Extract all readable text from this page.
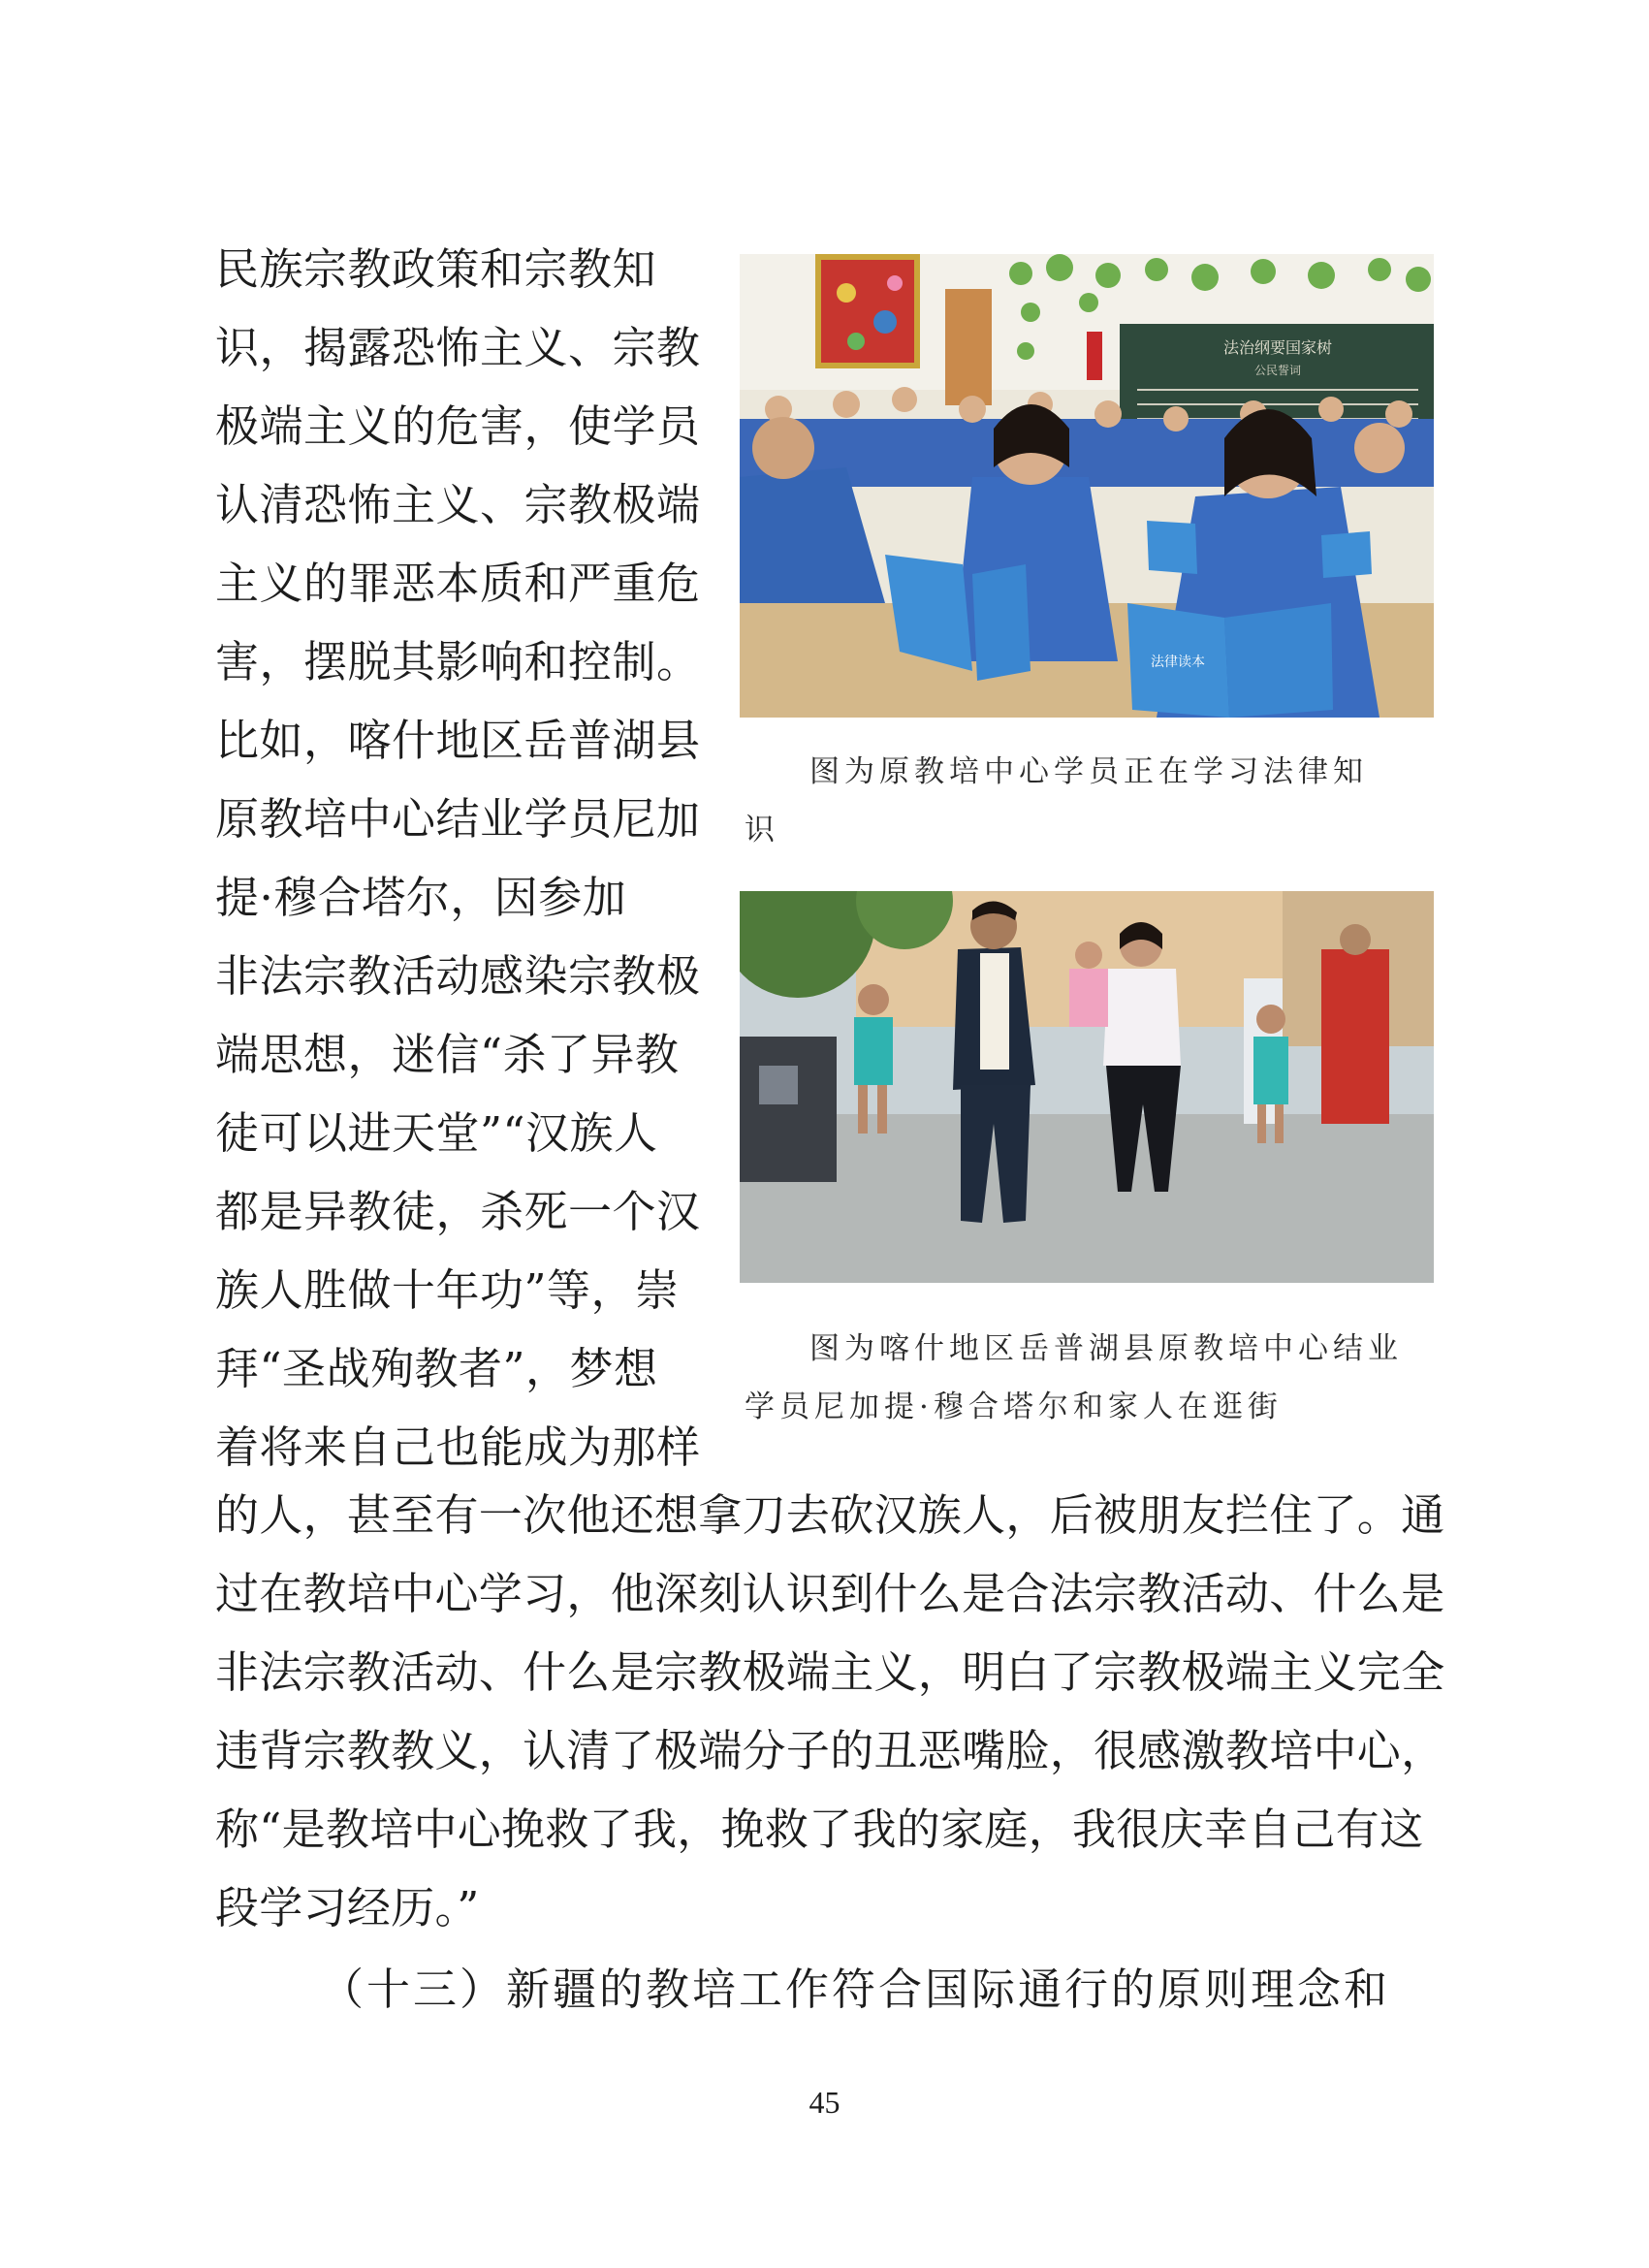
民族宗教政策和宗教知
识，揭露恐怖主义、宗教
极端主义的危害，使学员
认清恐怖主义、宗教极端
主义的罪恶本质和严重危
害，摆脱其影响和控制。
比如，喀什地区岳普湖县
原教培中心结业学员尼加
提·穆合塔尔，因参加
非法宗教活动感染宗教极
端思想，迷信“杀了异教
徒可以进天堂”“汉族人
都是异教徒，杀死一个汉
族人胜做十年功”等，崇
拜“圣战殉教者”，梦想
着将来自己也能成为那样
法治纲要国家树
公民誓词
法律读本
图为原教培中心学员正在学习法律知
识
图为喀什地区岳普湖县原教培中心结业
学员尼加提·穆合塔尔和家人在逛街
的人，甚至有一次他还想拿刀去砍汉族人，后被朋友拦住了。通
过在教培中心学习，他深刻认识到什么是合法宗教活动、什么是
非法宗教活动、什么是宗教极端主义，明白了宗教极端主义完全
违背宗教教义，认清了极端分子的丑恶嘴脸，很感激教培中心，
称“是教培中心挽救了我，挽救了我的家庭，我很庆幸自己有这
段学习经历。”
（十三）新疆的教培工作符合国际通行的原则理念和
45
